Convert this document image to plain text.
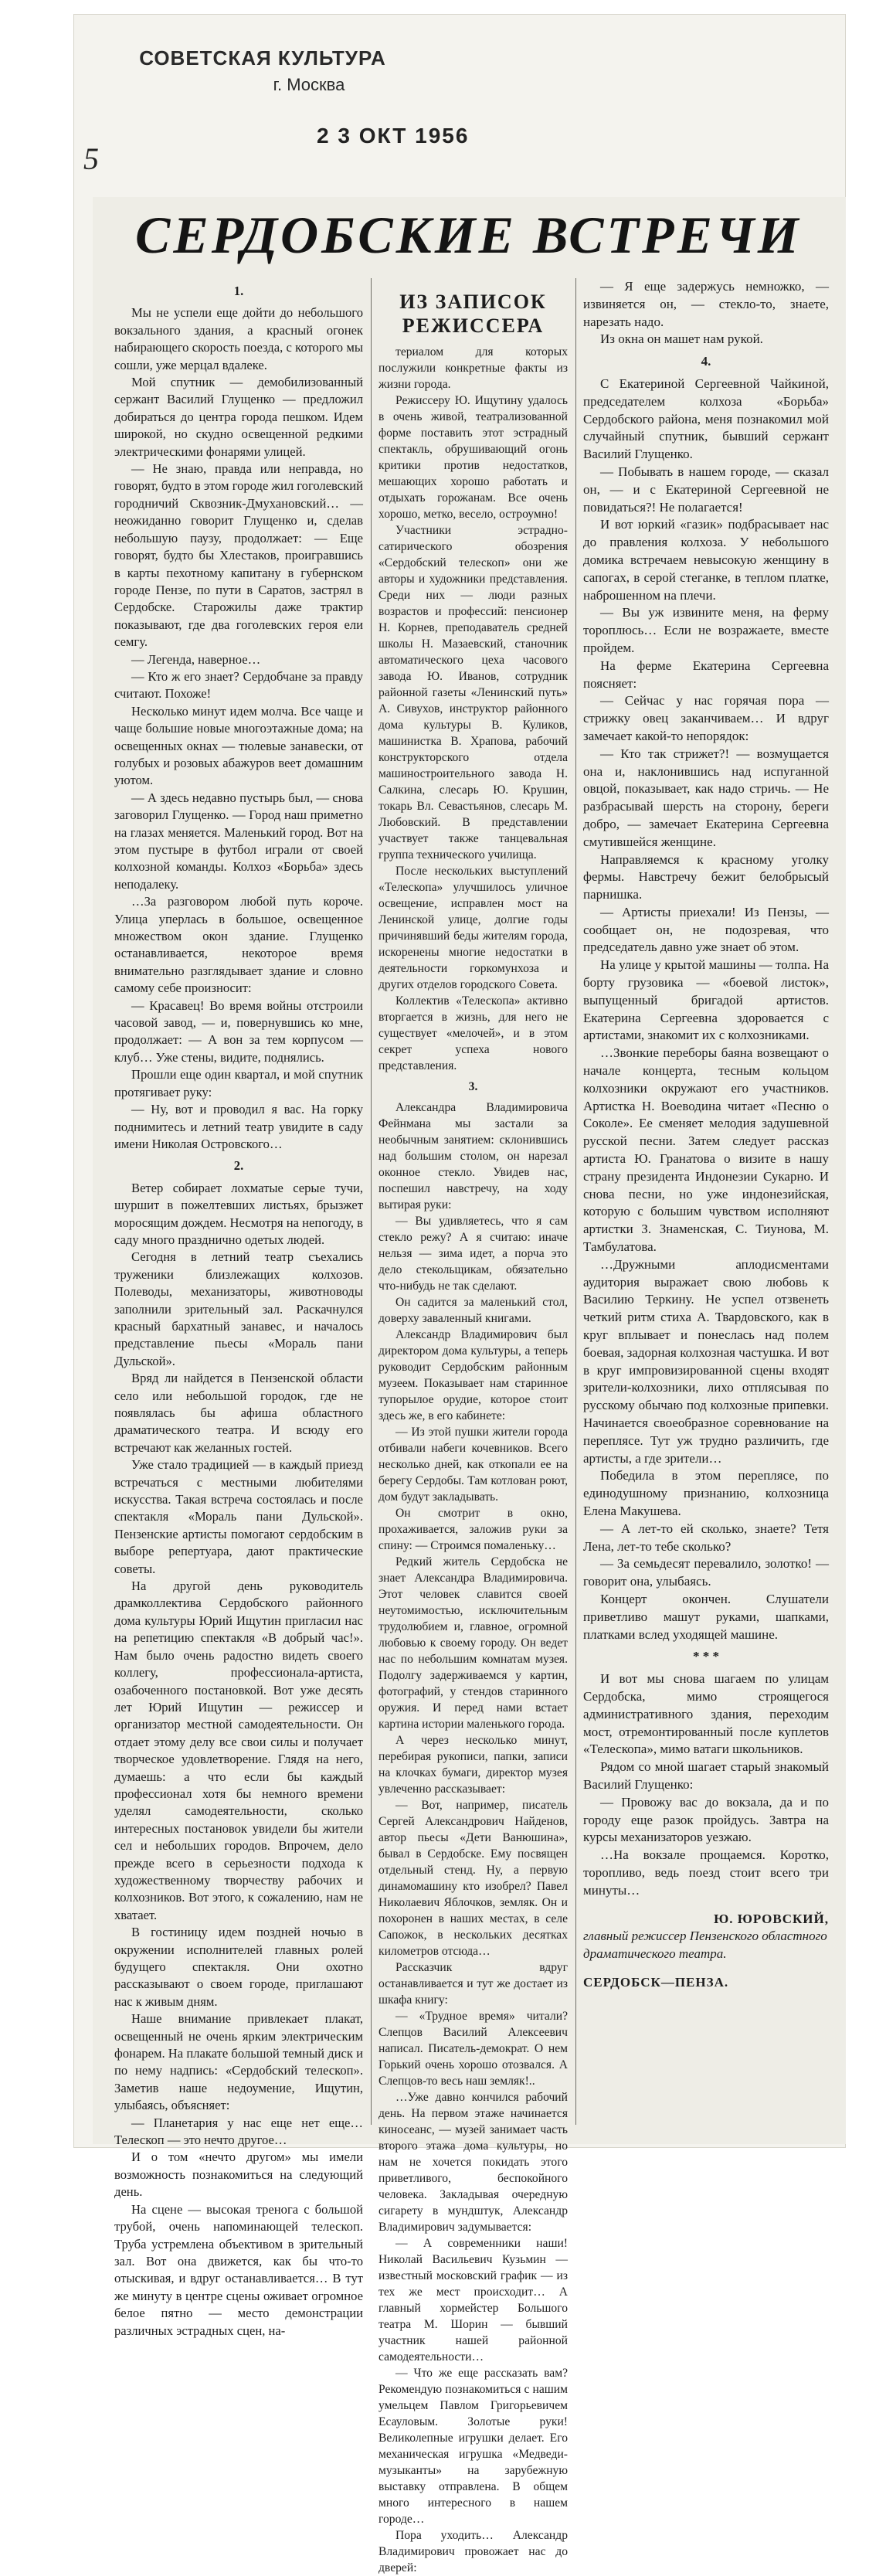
СОВЕТСКАЯ КУЛЬТУРА
г. Москва
2 3 ОКТ 1956
5
СЕРДОБСКИЕ ВСТРЕЧИ
ИЗ ЗАПИСОК РЕЖИССЕРА

1.

Мы не успели еще дойти до небольшого вокзального здания, а красный огонек набирающего скорость поезда, с которого мы сошли, уже мерцал вдалеке.

Мой спутник — демобилизованный сержант Василий Глущенко — предложил добираться до центра города пешком. Идем широкой, но скудно освещенной редкими электрическими фонарями улицей.

— Не знаю, правда или неправда, но говорят, будто в этом городе жил гоголевский городничий Сквозник-Дмухановский… — неожиданно говорит Глущенко и, сделав небольшую паузу, продолжает: — Еще говорят, будто бы Хлестаков, проигравшись в карты пехотному капитану в губернском городе Пензе, по пути в Саратов, застрял в Сердобске. Старожилы даже трактир показывают, где два гоголевских героя ели семгу.

— Легенда, наверное…

— Кто ж его знает? Сердобчане за правду считают. Похоже!

Несколько минут идем молча. Все чаще и чаще большие новые многоэтажные дома; на освещенных окнах — тюлевые занавески, от голубых и розовых абажуров веет домашним уютом.

— А здесь недавно пустырь был, — снова заговорил Глущенко. — Город наш приметно на глазах меняется. Маленький город. Вот на этом пустыре в футбол играли от своей колхозной команды. Колхоз «Борьба» здесь неподалеку.

…За разговором любой путь короче. Улица уперлась в большое, освещенное множеством окон здание. Глущенко останавливается, некоторое время внимательно разглядывает здание и словно самому себе произносит:

— Красавец! Во время войны отстроили часовой завод, — и, повернувшись ко мне, продолжает: — А вон за тем корпусом — клуб… Уже стены, видите, поднялись.

Прошли еще один квартал, и мой спутник протягивает руку:

— Ну, вот и проводил я вас. На горку поднимитесь и летний театр увидите в саду имени Николая Островского…

2.

Ветер собирает лохматые серые тучи, шуршит в пожелтевших листьях, брызжет моросящим дождем. Несмотря на непогоду, в саду много празднично одетых людей.

Сегодня в летний театр съехались труженики близлежащих колхозов. Полеводы, механизаторы, животноводы заполнили зрительный зал. Раскачнулся красный бархатный занавес, и началось представление пьесы «Мораль пани Дульской».

Вряд ли найдется в Пензенской области село или небольшой городок, где не появлялась бы афиша областного драматического театра. И всюду его встречают как желанных гостей.

Уже стало традицией — в каждый приезд встречаться с местными любителями искусства. Такая встреча состоялась и после спектакля «Мораль пани Дульской». Пензенские артисты помогают сердобским в выборе репертуара, дают практические советы.

На другой день руководитель драмколлектива Сердобского районного дома культуры Юрий Ищутин пригласил нас на репетицию спектакля «В добрый час!». Нам было очень радостно видеть своего коллегу, профессионала-артиста, озабоченного постановкой. Вот уже десять лет Юрий Ищутин — режиссер и организатор местной самодеятельности. Он отдает этому делу все свои силы и получает творческое удовлетворение. Глядя на него, думаешь: а что если бы каждый профессионал хотя бы немного времени уделял самодеятельности, сколько интересных постановок увидели бы жители сел и небольших городов. Впрочем, дело прежде всего в серьезности подхода к художественному творчеству рабочих и колхозников. Вот этого, к сожалению, нам не хватает.

В гостиницу идем поздней ночью в окружении исполнителей главных ролей будущего спектакля. Они охотно рассказывают о своем городе, приглашают нас к живым дням.

Наше внимание привлекает плакат, освещенный не очень ярким электрическим фонарем. На плакате большой темный диск и по нему надпись: «Сердобский телескоп». Заметив наше недоумение, Ищутин, улыбаясь, объясняет:

— Планетария у нас еще нет еще… Телескоп — это нечто другое…

И о том «нечто другом» мы имели возможность познакомиться на следующий день.

На сцене — высокая тренога с большой трубой, очень напоминающей телескоп. Труба устремлена объективом в зрительный зал. Вот она движется, как бы что-то отыскивая, и вдруг останавливается… В тут же минуту в центре сцены оживает огромное белое пятно — место демонстрации различных эстрадных сцен, на-

териалом для которых послужили конкретные факты из жизни города.

Режиссеру Ю. Ищутину удалось в очень живой, театрализованной форме поставить этот эстрадный спектакль, обрушивающий огонь критики против недостатков, мешающих хорошо работать и отдыхать горожанам. Все очень хорошо, метко, весело, остроумно!

Участники эстрадно-сатирического обозрения «Сердобский телескоп» они же авторы и художники представления. Среди них — люди разных возрастов и профессий: пенсионер Н. Корнев, преподаватель средней школы Н. Мазаевский, станочник автоматического цеха часового завода Ю. Иванов, сотрудник районной газеты «Ленинский путь» А. Сивухов, инструктор районного дома культуры В. Куликов, машинистка В. Храпова, рабочий конструкторского отдела машиностроительного завода Н. Салкина, слесарь Ю. Крушин, токарь Вл. Севастьянов, слесарь М. Любовский. В представлении участвует также танцевальная группа технического училища.

После нескольких выступлений «Телескопа» улучшилось уличное освещение, исправлен мост на Ленинской улице, долгие годы причинявший беды жителям города, искоренены многие недостатки в деятельности горкомунхоза и других отделов городского Совета.

Коллектив «Телескопа» активно вторгается в жизнь, для него не существует «мелочей», и в этом секрет успеха нового представления.

3.

Александра Владимировича Фейнмана мы застали за необычным занятием: склонившись над большим столом, он нарезал оконное стекло. Увидев нас, поспешил навстречу, на ходу вытирая руки:

— Вы удивляетесь, что я сам стекло режу? А я считаю: иначе нельзя — зима идет, а порча это дело стекольщикам, обязательно что-нибудь не так сделают.

Он садится за маленький стол, доверху заваленный книгами.

Александр Владимирович был директором дома культуры, а теперь руководит Сердобским районным музеем. Показывает нам старинное тупорылое орудие, которое стоит здесь же, в его кабинете:

— Из этой пушки жители города отбивали набеги кочевников. Всего несколько дней, как откопали ее на берегу Сердобы. Там котлован роют, дом будут закладывать.

Он смотрит в окно, прохаживается, заложив руки за спину: — Строимся помаленьку…

Редкий житель Сердобска не знает Александра Владимировича. Этот человек славится своей неутомимостью, исключительным трудолюбием и, главное, огромной любовью к своему городу. Он ведет нас по небольшим комнатам музея. Подолгу задерживаемся у картин, фотографий, у стендов старинного оружия. И перед нами встает картина истории маленького города.

А через несколько минут, перебирая рукописи, папки, записи на клочках бумаги, директор музея увлеченно рассказывает:

— Вот, например, писатель Сергей Александрович Найденов, автор пьесы «Дети Ванюшина», бывал в Сердобске. Ему посвящен отдельный стенд. Ну, а первую динамомашину кто изобрел? Павел Николаевич Яблочков, земляк. Он и похоронен в наших местах, в селе Сапожок, в нескольких десятках километров отсюда…

Рассказчик вдруг останавливается и тут же достает из шкафа книгу:

— «Трудное время» читали? Слепцов Василий Алексеевич написал. Писатель-демократ. О нем Горький очень хорошо отозвался. А Слепцов-то весь наш земляк!..

…Уже давно кончился рабочий день. На первом этаже начинается киносеанс, — музей занимает часть второго этажа дома культуры, но нам не хочется покидать этого приветливого, беспокойного человека. Закладывая очередную сигарету в мундштук, Александр Владимирович задумывается:

— А современники наши! Николай Васильевич Кузьмин — известный московский график — из тех же мест происходит… А главный хормейстер Большого театра М. Шорин — бывший участник нашей районной самодеятельности…

— Что же еще рассказать вам? Рекомендую познакомиться с нашим умельцем Павлом Григорьевичем Есауловым. Золотые руки! Великолепные игрушки делает. Его механическая игрушка «Медведи-музыканты» на зарубежную выставку отправлена. В общем много интересного в нашем городе…

Пора уходить… Александр Владимирович провожает нас до дверей:

— Я еще задержусь немножко, — извиняется он, — стекло-то, знаете, нарезать надо.

Из окна он машет нам рукой.

4.

С Екатериной Сергеевной Чайкиной, председателем колхоза «Борьба» Сердобского района, меня познакомил мой случайный спутник, бывший сержант Василий Глущенко.

— Побывать в нашем городе, — сказал он, — и с Екатериной Сергеевной не повидаться?! Не полагается!

И вот юркий «газик» подбрасывает нас до правления колхоза. У небольшого домика встречаем невысокую женщину в сапогах, в серой стеганке, в теплом платке, наброшенном на плечи.

— Вы уж извините меня, на ферму тороплюсь… Если не возражаете, вместе пройдем.

На ферме Екатерина Сергеевна поясняет:

— Сейчас у нас горячая пора — стрижку овец заканчиваем… И вдруг замечает какой-то непорядок:

— Кто так стрижет?! — возмущается она и, наклонившись над испуганной овцой, показывает, как надо стричь. — Не разбрасывай шерсть на сторону, береги добро, — замечает Екатерина Сергеевна смутившейся женщине.

Направляемся к красному уголку фермы. Навстречу бежит белобрысый парнишка.

— Артисты приехали! Из Пензы, — сообщает он, не подозревая, что председатель давно уже знает об этом.

На улице у крытой машины — толпа. На борту грузовика — «боевой листок», выпущенный бригадой артистов. Екатерина Сергеевна здоровается с артистами, знакомит их с колхозниками.

…Звонкие переборы баяна возвещают о начале концерта, тесным кольцом колхозники окружают его участников. Артистка Н. Воеводина читает «Песню о Соколе». Ее сменяет мелодия задушевной русской песни. Затем следует рассказ артиста Ю. Гранатова о визите в нашу страну президента Индонезии Сукарно. И снова песни, но уже индонезийская, которую с большим чувством исполняют артистки З. Знаменская, С. Тиунова, М. Тамбулатова.

…Дружными аплодисментами аудитория выражает свою любовь к Василию Теркину. Не успел отзвенеть четкий ритм стиха А. Твардовского, как в круг вплывает и понеслась над полем боевая, задорная колхозная частушка. И вот в круг импровизированной сцены входят зрители-колхозники, лихо отплясывая по русскому обычаю под колхозные припевки. Начинается своеобразное соревнование на переплясе. Тут уж трудно различить, где артисты, а где зрители…

Победила в этом переплясе, по единодушному признанию, колхозница Елена Макушева.

— А лет-то ей сколько, знаете? Тетя Лена, лет-то тебе сколько?

— За семьдесят перевалило, золотко! — говорит она, улыбаясь.

Концерт окончен. Слушатели приветливо машут руками, шапками, платками вслед уходящей машине.

* * *

И вот мы снова шагаем по улицам Сердобска, мимо строящегося административного здания, переходим мост, отремонтированный после куплетов «Телескопа», мимо ватаги школьников.

Рядом со мной шагает старый знакомый Василий Глущенко:

— Провожу вас до вокзала, да и по городу еще разок пройдусь. Завтра на курсы механизаторов уезжаю.

…На вокзале прощаемся. Коротко, торопливо, ведь поезд стоит всего три минуты…

Ю. ЮРОВСКИЙ,

главный режиссер Пензенского областного драматического театра.

СЕРДОБСК—ПЕНЗА.
